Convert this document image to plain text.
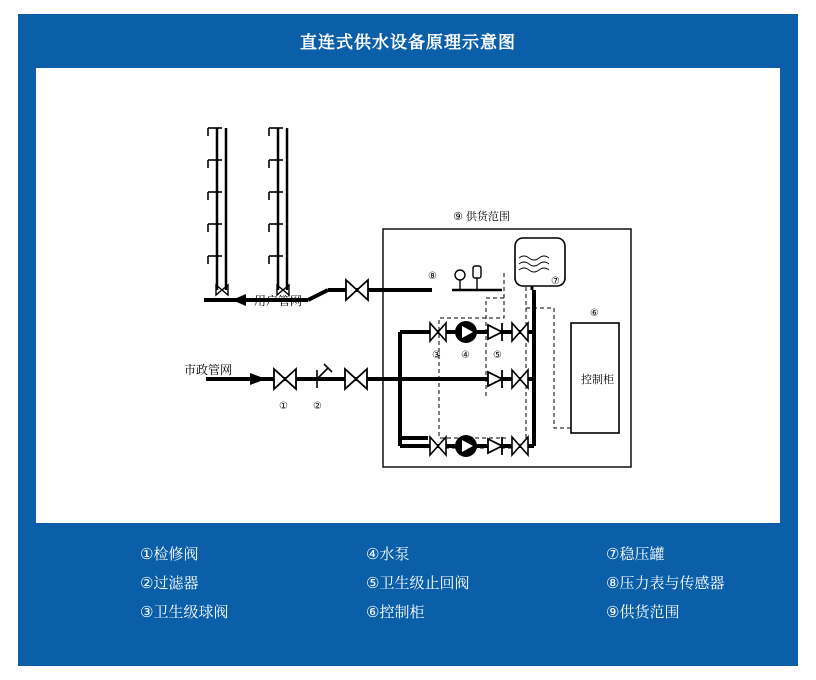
直连式供水设备原理示意图
用户管网
市政管网
①	②
⑨ 供货范围
⑦
⑧
③ ④ ⑤
控制柜
⑥
①检修阀
②过滤器
③卫生级球阀
④水泵
⑤卫生级止回阀
⑥控制柜
⑦稳压罐
⑧压力表与传感器
⑨供货范围
